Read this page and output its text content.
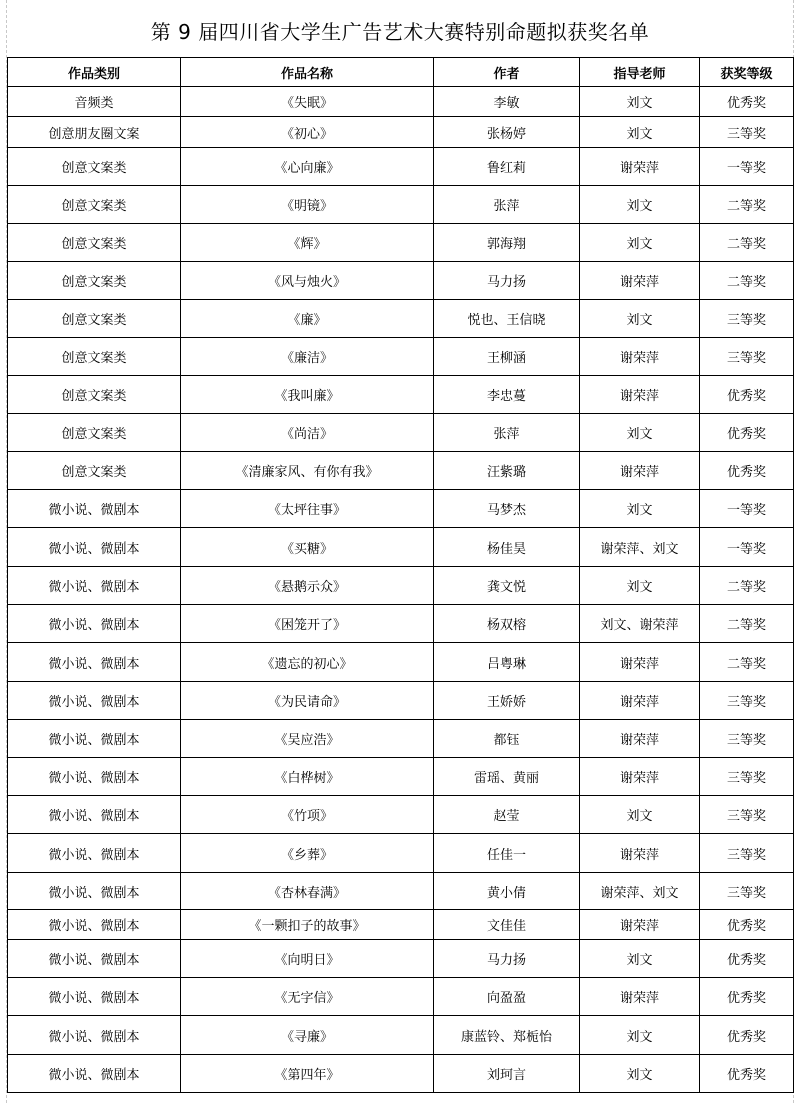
第 9 届四川省大学生广告艺术大赛特别命题拟获奖名单
作品类别	作品名称	作者	指导老师	获奖等级
音频类	《失眠》	李敏	刘文	优秀奖
创意朋友圈文案	《初心》	张杨婷	刘文	三等奖
创意文案类	《心向廉》	鲁红莉	谢荣萍	一等奖
创意文案类	《明镜》	张萍	刘文	二等奖
创意文案类	《辉》	郭海翔	刘文	二等奖
创意文案类	《风与烛火》	马力扬	谢荣萍	二等奖
创意文案类	《廉》	悦也、王信晓	刘文	三等奖
创意文案类	《廉洁》	王柳涵	谢荣萍	三等奖
创意文案类	《我叫廉》	李忠蔓	谢荣萍	优秀奖
创意文案类	《尚洁》	张萍	刘文	优秀奖
创意文案类	《清廉家风、有你有我》	汪紫璐	谢荣萍	优秀奖
微小说、微剧本	《太坪往事》	马梦杰	刘文	一等奖
微小说、微剧本	《买糖》	杨佳昊	谢荣萍、刘文	一等奖
微小说、微剧本	《悬鹅示众》	龚文悦	刘文	二等奖
微小说、微剧本	《困笼开了》	杨双榕	刘文、谢荣萍	二等奖
微小说、微剧本	《遗忘的初心》	吕粤琳	谢荣萍	二等奖
微小说、微剧本	《为民请命》	王娇娇	谢荣萍	三等奖
微小说、微剧本	《吴应浩》	都钰	谢荣萍	三等奖
微小说、微剧本	《白桦树》	雷瑶、黄丽	谢荣萍	三等奖
微小说、微剧本	《竹项》	赵莹	刘文	三等奖
微小说、微剧本	《乡葬》	任佳一	谢荣萍	三等奖
微小说、微剧本	《杏林春满》	黄小倩	谢荣萍、刘文	三等奖
微小说、微剧本	《一颗扣子的故事》	文佳佳	谢荣萍	优秀奖
微小说、微剧本	《向明日》	马力扬	刘文	优秀奖
微小说、微剧本	《无字信》	向盈盈	谢荣萍	优秀奖
微小说、微剧本	《寻廉》	康蓝铃、郑栀怡	刘文	优秀奖
微小说、微剧本	《第四年》	刘珂言	刘文	优秀奖
